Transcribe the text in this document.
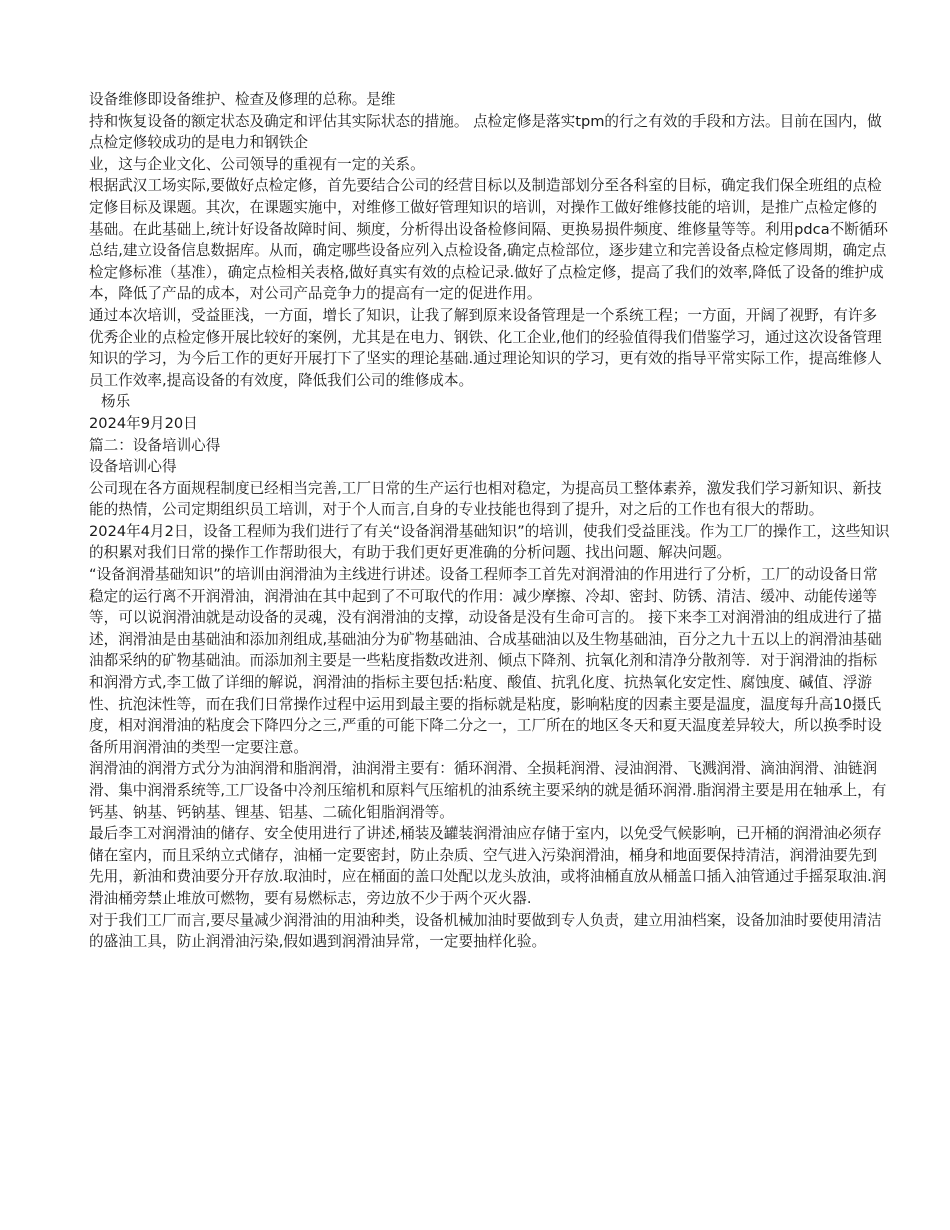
设备维修即设备维护、检查及修理的总称。是维

持和恢复设备的额定状态及确定和评估其实际状态的措施。 点检定修是落实tpm的行之有效的手段和方法。目前在国内，做点检定修较成功的是电力和钢铁企

业，这与企业文化、公司领导的重视有一定的关系。

根据武汉工场实际,要做好点检定修，首先要结合公司的经营目标以及制造部划分至各科室的目标，确定我们保全班组的点检定修目标及课题。其次，在课题实施中，对维修工做好管理知识的培训，对操作工做好维修技能的培训，是推广点检定修的基础。在此基础上,统计好设备故障时间、频度，分析得出设备检修间隔、更换易损件频度、维修量等等。利用pdca不断循环总结,建立设备信息数据库。从而，确定哪些设备应列入点检设备,确定点检部位，逐步建立和完善设备点检定修周期，确定点检定修标准（基准），确定点检相关表格,做好真实有效的点检记录.做好了点检定修，提高了我们的效率,降低了设备的维护成本，降低了产品的成本，对公司产品竞争力的提高有一定的促进作用。

通过本次培训，受益匪浅，一方面，增长了知识，让我了解到原来设备管理是一个系统工程；一方面，开阔了视野，有许多优秀企业的点检定修开展比较好的案例，尤其是在电力、钢铁、化工企业,他们的经验值得我们借鉴学习，通过这次设备管理知识的学习，为今后工作的更好开展打下了坚实的理论基础.通过理论知识的学习，更有效的指导平常实际工作，提高维修人员工作效率,提高设备的有效度，降低我们公司的维修成本。

杨乐

2024年9月20日

篇二：设备培训心得

设备培训心得

公司现在各方面规程制度已经相当完善,工厂日常的生产运行也相对稳定，为提高员工整体素养，激发我们学习新知识、新技能的热情，公司定期组织员工培训，对于个人而言,自身的专业技能也得到了提升，对之后的工作也有很大的帮助。

2024年4月2日，设备工程师为我们进行了有关“设备润滑基础知识”的培训，使我们受益匪浅。作为工厂的操作工，这些知识的积累对我们日常的操作工作帮助很大，有助于我们更好更准确的分析问题、找出问题、解决问题。

“设备润滑基础知识”的培训由润滑油为主线进行讲述。设备工程师李工首先对润滑油的作用进行了分析，工厂的动设备日常稳定的运行离不开润滑油，润滑油在其中起到了不可取代的作用：减少摩擦、冷却、密封、防锈、清洁、缓冲、动能传递等等，可以说润滑油就是动设备的灵魂，没有润滑油的支撑，动设备是没有生命可言的。 接下来李工对润滑油的组成进行了描述，润滑油是由基础油和添加剂组成,基础油分为矿物基础油、合成基础油以及生物基础油，百分之九十五以上的润滑油基础油都采纳的矿物基础油。而添加剂主要是一些粘度指数改进剂、倾点下降剂、抗氧化剂和清净分散剂等．对于润滑油的指标和润滑方式,李工做了详细的解说，润滑油的指标主要包括:粘度、酸值、抗乳化度、抗热氧化安定性、腐蚀度、碱值、浮游性、抗泡沫性等，而在我们日常操作过程中运用到最主要的指标就是粘度，影响粘度的因素主要是温度，温度每升高10摄氏度，相对润滑油的粘度会下降四分之三,严重的可能下降二分之一，工厂所在的地区冬天和夏天温度差异较大，所以换季时设备所用润滑油的类型一定要注意。

润滑油的润滑方式分为油润滑和脂润滑，油润滑主要有：循环润滑、全损耗润滑、浸油润滑、飞溅润滑、滴油润滑、油链润滑、集中润滑系统等,工厂设备中冷剂压缩机和原料气压缩机的油系统主要采纳的就是循环润滑.脂润滑主要是用在轴承上，有钙基、钠基、钙钠基、锂基、铝基、二硫化钼脂润滑等。

最后李工对润滑油的储存、安全使用进行了讲述,桶装及罐装润滑油应存储于室内，以免受气候影响，已开桶的润滑油必须存储在室内，而且采纳立式储存，油桶一定要密封，防止杂质、空气进入污染润滑油，桶身和地面要保持清洁，润滑油要先到先用，新油和费油要分开存放.取油时，应在桶面的盖口处配以龙头放油，或将油桶直放从桶盖口插入油管通过手摇泵取油.润滑油桶旁禁止堆放可燃物，要有易燃标志，旁边放不少于两个灭火器.

对于我们工厂而言,要尽量减少润滑油的用油种类，设备机械加油时要做到专人负责，建立用油档案，设备加油时要使用清洁的盛油工具，防止润滑油污染,假如遇到润滑油异常，一定要抽样化验。
